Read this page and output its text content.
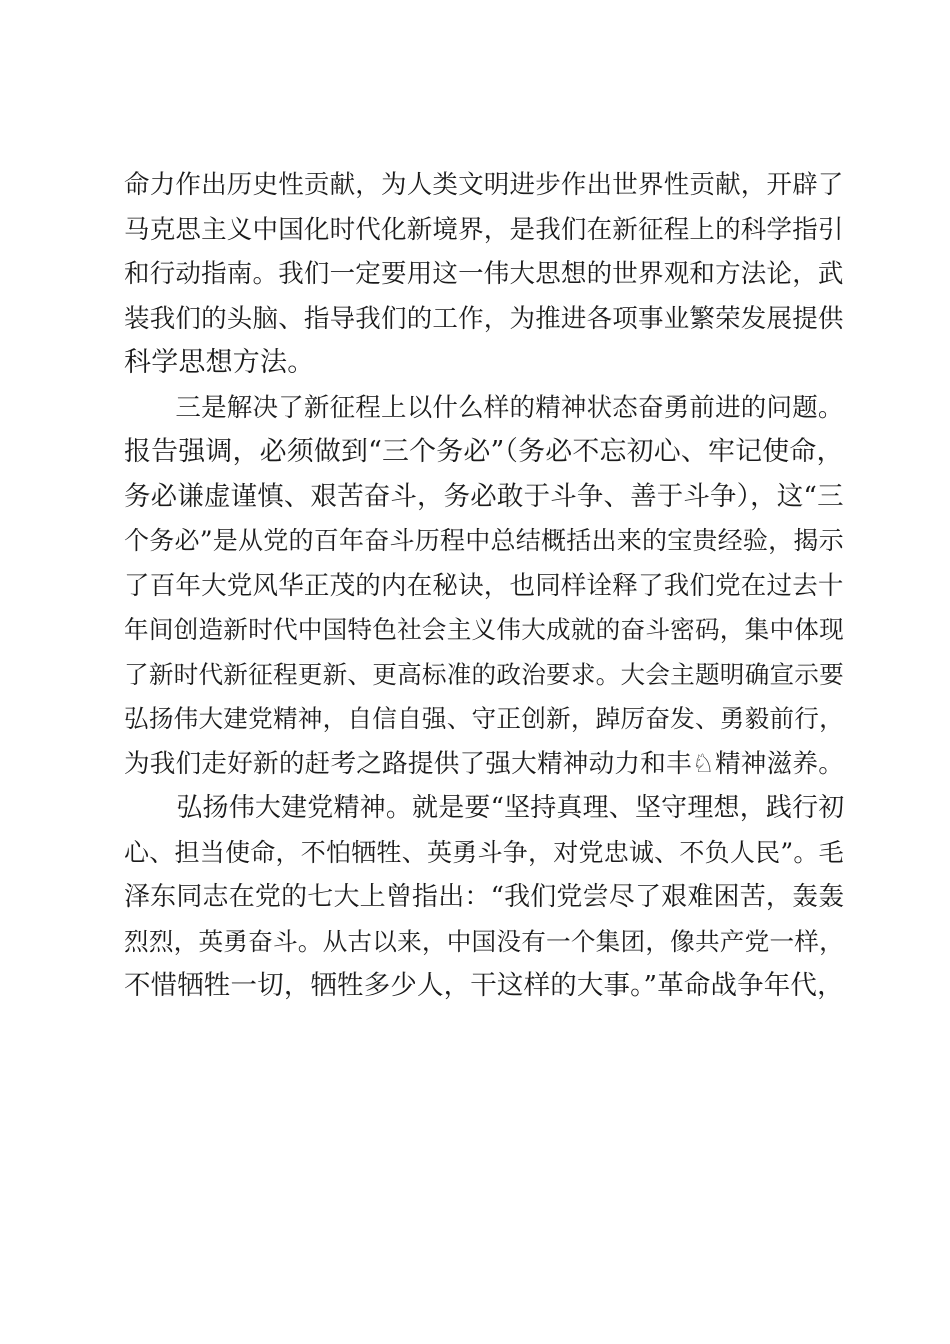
命力作出历史性贡献，为人类文明进步作出世界性贡献，开辟了
马克思主义中国化时代化新境界，是我们在新征程上的科学指引
和行动指南。我们一定要用这一伟大思想的世界观和方法论，武
装我们的头脑、指导我们的工作，为推进各项事业繁荣发展提供
科学思想方法。
　　三是解决了新征程上以什么样的精神状态奋勇前进的问题。
报告强调，必须做到“三个务必”（务必不忘初心、牢记使命，
务必谦虚谨慎、艰苦奋斗，务必敢于斗争、善于斗争），这“三
个务必”是从党的百年奋斗历程中总结概括出来的宝贵经验，揭示
了百年大党风华正茂的内在秘诀，也同样诠释了我们党在过去十
年间创造新时代中国特色社会主义伟大成就的奋斗密码，集中体现
了新时代新征程更新、更高标准的政治要求。大会主题明确宣示要
弘扬伟大建党精神，自信自强、守正创新，踔厉奋发、勇毅前行，
为我们走好新的赶考之路提供了强大精神动力和丰♘精神滋养。
　　弘扬伟大建党精神。就是要“坚持真理、坚守理想，践行初
心、担当使命，不怕牺牲、英勇斗争，对党忠诚、不负人民”。毛
泽东同志在党的七大上曾指出：“我们党尝尽了艰难困苦，轰轰
烈烈，英勇奋斗。从古以来，中国没有一个集团，像共产党一样，
不惜牺牲一切，牺牲多少人，干这样的大事。”革命战争年代，
